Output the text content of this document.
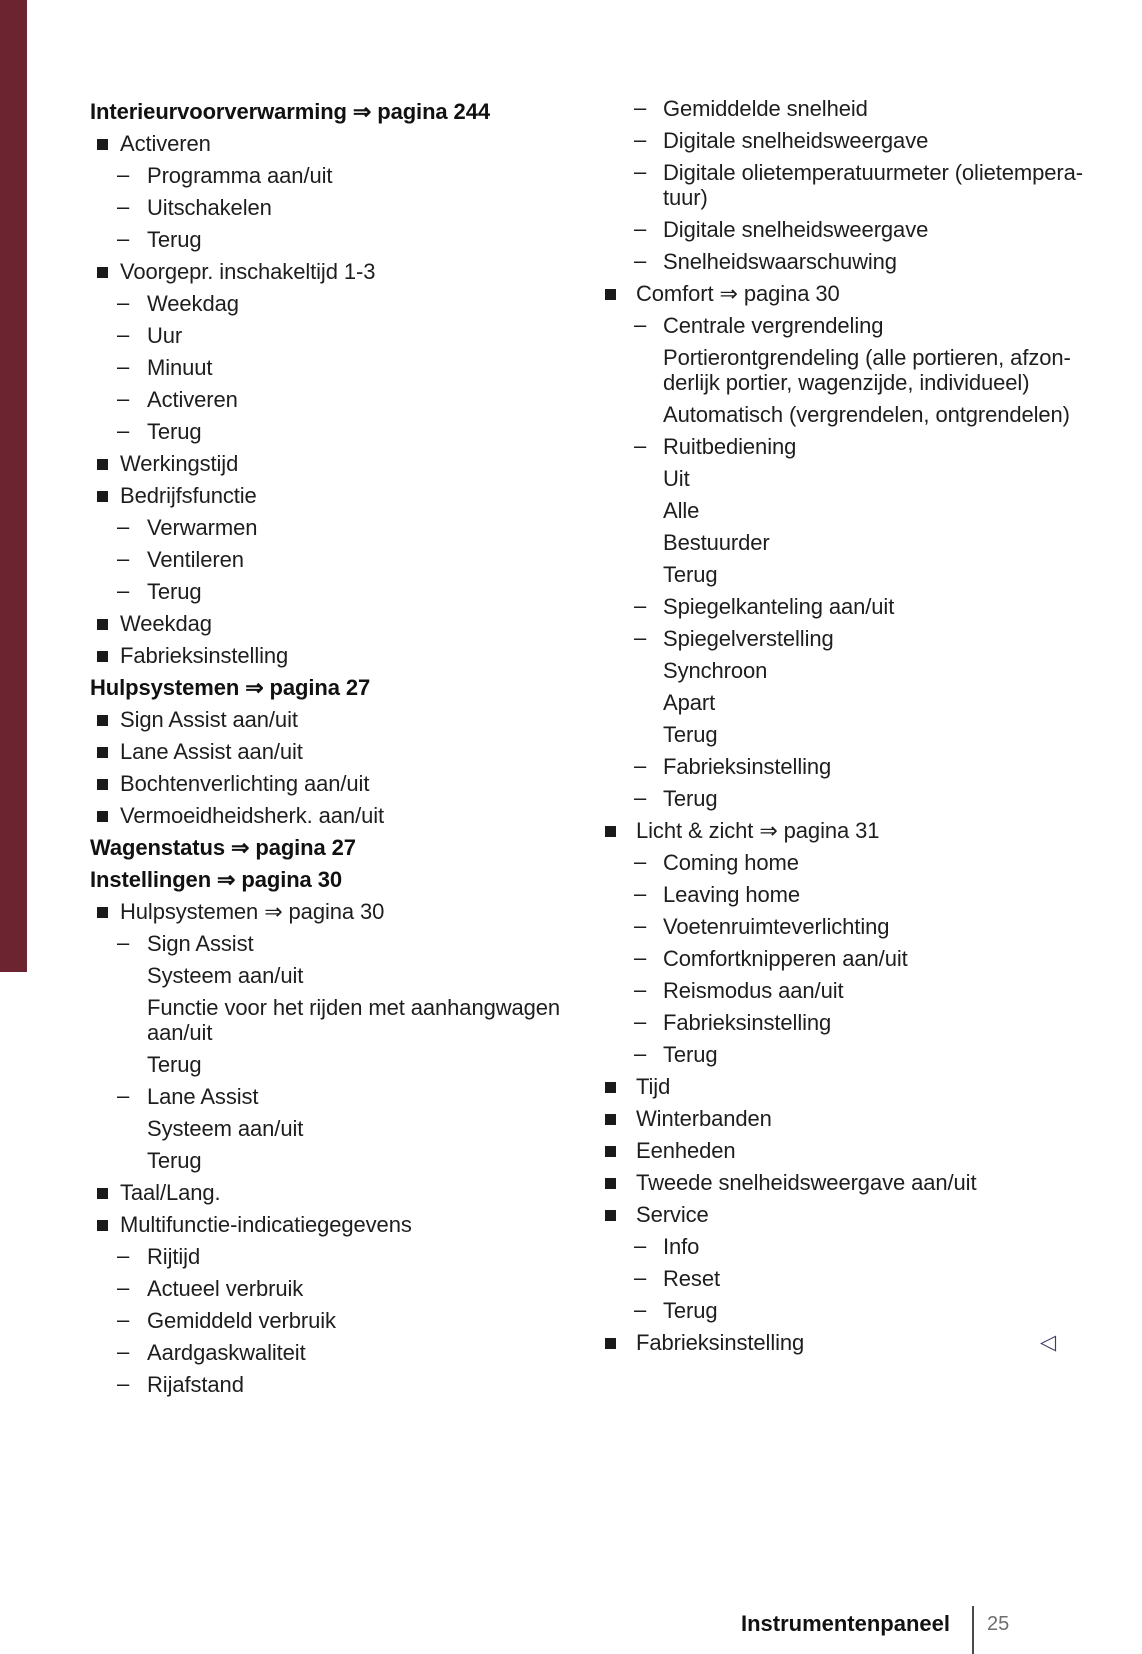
Interieurvoorverwarming ⇒ pagina 244
Activeren
– Programma aan/uit
– Uitschakelen
– Terug
Voorgepr. inschakeltijd 1-3
– Weekdag
– Uur
– Minuut
– Activeren
– Terug
Werkingstijd
Bedrijfsfunctie
– Verwarmen
– Ventileren
– Terug
Weekdag
Fabrieksinstelling
Hulpsystemen ⇒ pagina 27
Sign Assist aan/uit
Lane Assist aan/uit
Bochtenverlichting aan/uit
Vermoeidheidsherk. aan/uit
Wagenstatus ⇒ pagina 27
Instellingen ⇒ pagina 30
Hulpsystemen ⇒ pagina 30
– Sign Assist
Systeem aan/uit
Functie voor het rijden met aanhangwagen
aan/uit
Terug
– Lane Assist
Systeem aan/uit
Terug
Taal/Lang.
Multifunctie-indicatiegegevens
– Rijtijd
– Actueel verbruik
– Gemiddeld verbruik
– Aardgaskwaliteit
– Rijafstand
– Gemiddelde snelheid
– Digitale snelheidsweergave
– Digitale olietemperatuurmeter (olietempera-
tuur)
– Digitale snelheidsweergave
– Snelheidswaarschuwing
Comfort ⇒ pagina 30
– Centrale vergrendeling
Portierontgrendeling (alle portieren, afzon-
derlijk portier, wagenzijde, individueel)
Automatisch (vergrendelen, ontgrendelen)
– Ruitbediening
Uit
Alle
Bestuurder
Terug
– Spiegelkanteling aan/uit
– Spiegelverstelling
Synchroon
Apart
Terug
– Fabrieksinstelling
– Terug
Licht & zicht ⇒ pagina 31
– Coming home
– Leaving home
– Voetenruimteverlichting
– Comfortknipperen aan/uit
– Reismodus aan/uit
– Fabrieksinstelling
– Terug
Tijd
Winterbanden
Eenheden
Tweede snelheidsweergave aan/uit
Service
– Info
– Reset
– Terug
Fabrieksinstelling	◁
Instrumentenpaneel 25
